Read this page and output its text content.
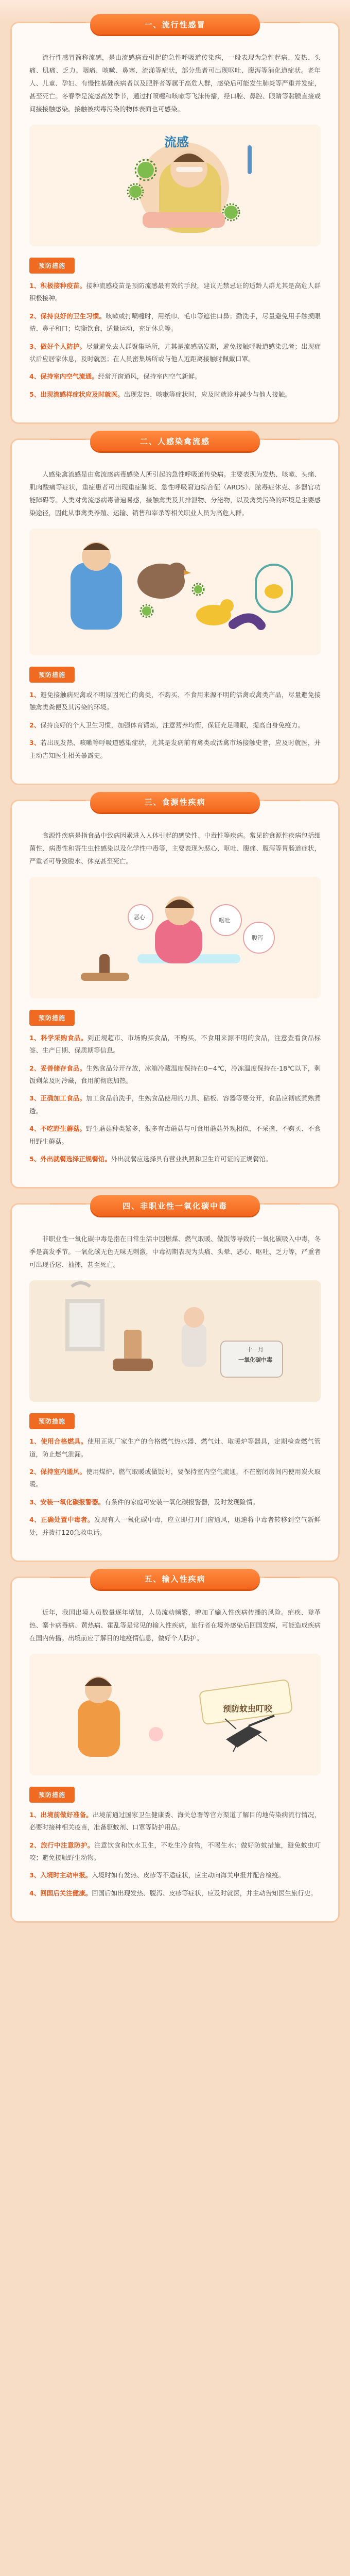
一、流行性感冒

流行性感冒简称流感，是由流感病毒引起的急性呼吸道传染病，一般表现为急性起病、发热、头痛、肌痛、乏力、咽痛、咳嗽、鼻塞、流涕等症状，部分患者可出现呕吐、腹泻等消化道症状。老年人、儿童、孕妇、有慢性基础疾病者以及肥胖者等属于高危人群，感染后可能发生肺炎等严重并发症，甚至死亡。冬春季是流感高发季节，通过打喷嚏和咳嗽等飞沫传播，经口腔、鼻腔、眼睛等黏膜直接或间接接触感染。接触被病毒污染的物体表面也可感染。

流感
预防措施
1、积极接种疫苗。接种流感疫苗是预防流感最有效的手段，建议无禁忌证的适龄人群尤其是高危人群积极接种。
2、保持良好的卫生习惯。咳嗽或打喷嚏时，用纸巾、毛巾等遮住口鼻；勤洗手，尽量避免用手触摸眼睛、鼻子和口；均衡饮食，适量运动，充足休息等。
3、做好个人防护。尽量避免去人群聚集场所，尤其是流感高发期，避免接触呼吸道感染患者；出现症状后应居家休息，及时就医；在人员密集场所或与他人近距离接触时佩戴口罩。
4、保持室内空气流通。经常开窗通风，保持室内空气新鲜。
5、出现流感样症状应及时就医。出现发热、咳嗽等症状时，应及时就诊并减少与他人接触。
二、人感染禽流感

人感染禽流感是由禽流感病毒感染人所引起的急性呼吸道传染病。主要表现为发热、咳嗽、头痛、肌肉酸痛等症状，重症患者可出现重症肺炎、急性呼吸窘迫综合征（ARDS）、脓毒症休克、多器官功能障碍等。人类对禽流感病毒普遍易感，接触禽类及其排泄物、分泌物，以及禽类污染的环境是主要感染途径，因此从事禽类养殖、运输、销售和宰杀等相关职业人员为高危人群。

预防措施
1、避免接触病死禽或不明原因死亡的禽类，不购买、不食用来源不明的活禽或禽类产品，尽量避免接触禽类粪便及其污染的环境。
2、保持良好的个人卫生习惯，加强体育锻炼，注意营养均衡，保证充足睡眠，提高自身免疫力。
3、若出现发热、咳嗽等呼吸道感染症状，尤其是发病前有禽类或活禽市场接触史者，应及时就医，并主动告知医生相关暴露史。
三、食源性疾病

食源性疾病是指食品中致病因素进入人体引起的感染性、中毒性等疾病。常见的食源性疾病包括细菌性、病毒性和寄生虫性感染以及化学性中毒等，主要表现为恶心、呕吐、腹痛、腹泻等胃肠道症状，严重者可导致脱水、休克甚至死亡。

恶心	呕吐
腹泻
预防措施
1、科学采购食品。到正规超市、市场购买食品，不购买、不食用来源不明的食品，注意查看食品标签、生产日期、保质期等信息。
2、妥善储存食品。生熟食品分开存放，冰箱冷藏温度保持在0~4℃，冷冻温度保持在-18℃以下，剩饭剩菜及时冷藏，食用前彻底加热。
3、正确加工食品。加工食品前洗手，生熟食品使用的刀具、砧板、容器等要分开，食品应彻底煮熟煮透。
4、不吃野生蘑菇。野生蘑菇种类繁多，很多有毒蘑菇与可食用蘑菇外观相似，不采摘、不购买、不食用野生蘑菇。
5、外出就餐选择正规餐馆。外出就餐应选择具有营业执照和卫生许可证的正规餐馆。
四、非职业性一氧化碳中毒

非职业性一氧化碳中毒是指在日常生活中因燃煤、燃气取暖、做饭等导致的一氧化碳吸入中毒，冬季是高发季节。一氧化碳无色无味无刺激，中毒初期表现为头痛、头晕、恶心、呕吐、乏力等，严重者可出现昏迷、抽搐，甚至死亡。

一氧化碳中毒
十一月
预防措施
1、使用合格燃具。使用正规厂家生产的合格燃气热水器、燃气灶、取暖炉等器具，定期检查燃气管道，防止燃气泄漏。
2、保持室内通风。使用煤炉、燃气取暖或做饭时，要保持室内空气流通，不在密闭房间内使用炭火取暖。
3、安装一氧化碳报警器。有条件的家庭可安装一氧化碳报警器，及时发现险情。
4、正确处置中毒者。发现有人一氧化碳中毒，应立即打开门窗通风，迅速将中毒者转移到空气新鲜处，并拨打120急救电话。
五、输入性疾病

近年，我国出境人员数量逐年增加，人员流动频繁，增加了输入性疾病传播的风险。疟疾、登革热、寨卡病毒病、黄热病、霍乱等是常见的输入性疾病，旅行者在境外感染后回国发病，可能造成疾病在国内传播。出境前应了解目的地疫情信息，做好个人防护。

预防蚊虫叮咬
预防措施
1、出境前做好准备。出境前通过国家卫生健康委、海关总署等官方渠道了解目的地传染病流行情况，必要时接种相关疫苗，准备驱蚊剂、口罩等防护用品。
2、旅行中注意防护。注意饮食和饮水卫生，不吃生冷食物，不喝生水；做好防蚊措施，避免蚊虫叮咬；避免接触野生动物。
3、入境时主动申报。入境时如有发热、皮疹等不适症状，应主动向海关申报并配合检疫。
4、回国后关注健康。回国后如出现发热、腹泻、皮疹等症状，应及时就医，并主动告知医生旅行史。
